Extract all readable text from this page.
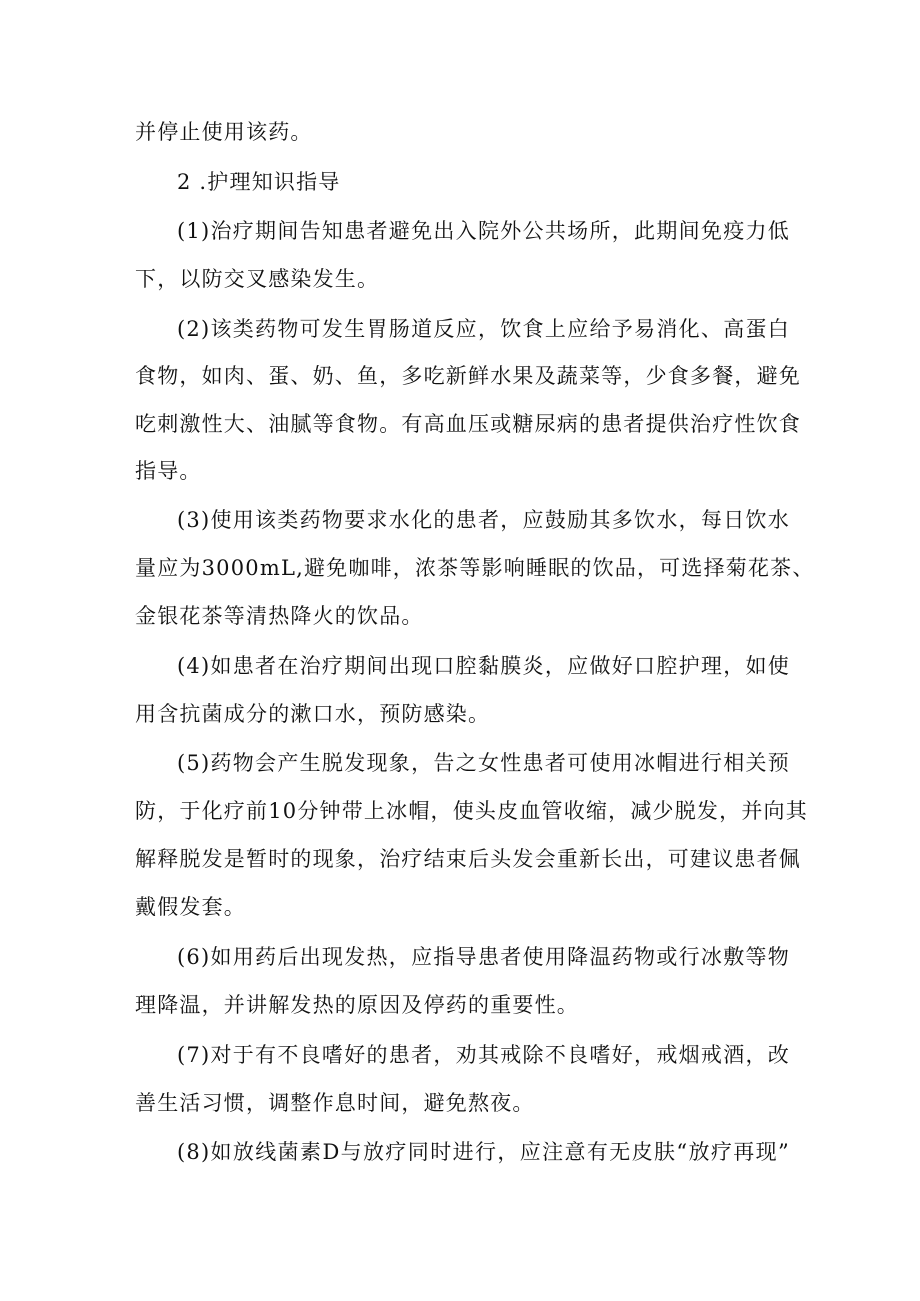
并停止使用该药。
2 .护理知识指导
(1)治疗期间告知患者避免出入院外公共场所，此期间免疫力低
下，以防交叉感染发生。
(2)该类药物可发生胃肠道反应，饮食上应给予易消化、高蛋白
食物，如肉、蛋、奶、鱼，多吃新鲜水果及蔬菜等，少食多餐，避免
吃刺激性大、油腻等食物。有高血压或糖尿病的患者提供治疗性饮食
指导。
(3)使用该类药物要求水化的患者，应鼓励其多饮水，每日饮水
量应为3000mL,避免咖啡，浓茶等影响睡眠的饮品，可选择菊花茶、
金银花茶等清热降火的饮品。
(4)如患者在治疗期间出现口腔黏膜炎，应做好口腔护理，如使
用含抗菌成分的漱口水，预防感染。
(5)药物会产生脱发现象，告之女性患者可使用冰帽进行相关预
防，于化疗前10分钟带上冰帽，使头皮血管收缩，减少脱发，并向其
解释脱发是暂时的现象，治疗结束后头发会重新长出，可建议患者佩
戴假发套。
(6)如用药后出现发热，应指导患者使用降温药物或行冰敷等物
理降温，并讲解发热的原因及停药的重要性。
(7)对于有不良嗜好的患者，劝其戒除不良嗜好，戒烟戒酒，改
善生活习惯，调整作息时间，避免熬夜。
(8)如放线菌素D与放疗同时进行，应注意有无皮肤“放疗再现”
